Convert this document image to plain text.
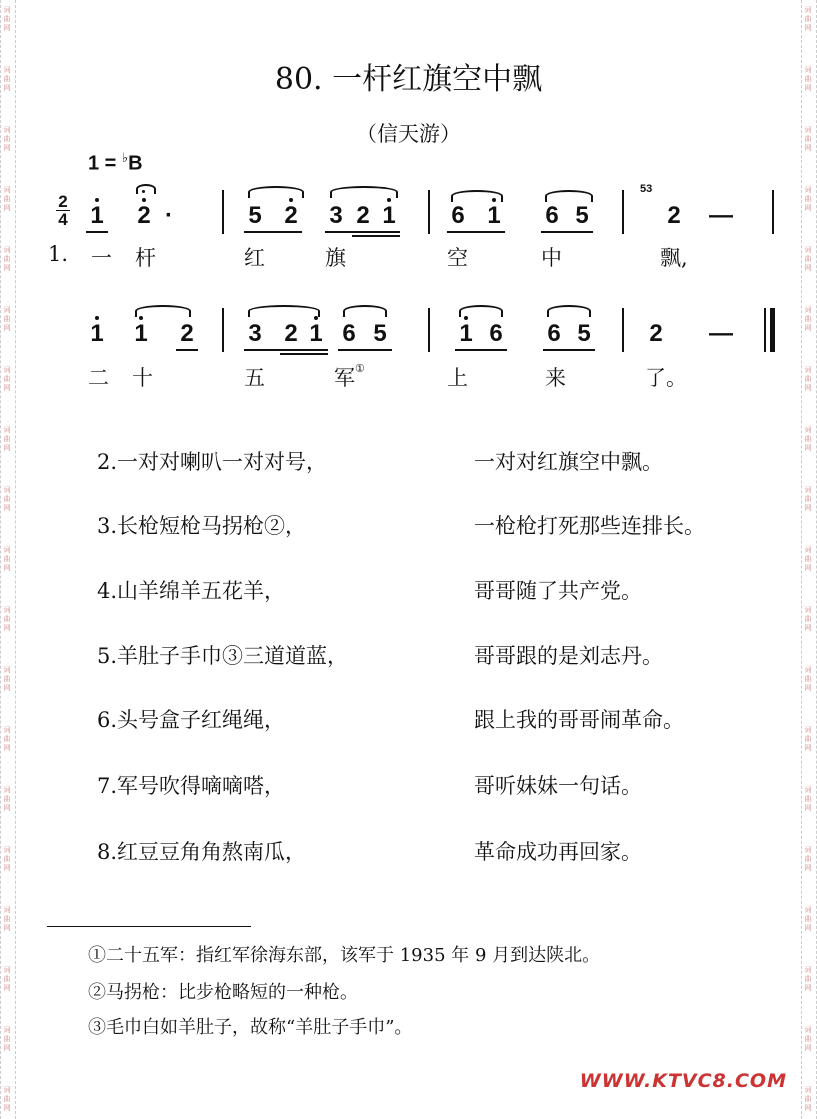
词
曲
网
词
曲
网
词
曲
网
词
曲
网
词
曲
网
词
曲
网
词
曲
网
词
曲
网
词
曲
网
词
曲
网
词
曲
网
词
曲
网
词
曲
网
词
曲
网
词
曲
网
词
曲
网
词
曲
网
词
曲
网
词
曲
网
词
曲
网
词
曲
网
词
曲
网
词
曲
网
词
曲
网
词
曲
网
词
曲
网
词
曲
网
词
曲
网
词
曲
网
词
曲
网
词
曲
网
词
曲
网
词
曲
网
词
曲
网
词
曲
网
词
曲
网
词
曲
网
词
曲
网
80. 一杆红旗空中飘
（信天游）
1 = ♭B
2
4 1 2 ·	5 2 3 2 1 6 1 6 5	2 —
53
1. 一 杆	红	旗	空	中	飘,
1 1 2 3 2 1 6 5	1 6 6 5 2 —
二 十	五	军①	上	来	了。
2.一对对喇叭一对对号，	一对对红旗空中飘。
3.长枪短枪马拐枪②，	一枪枪打死那些连排长。
4.山羊绵羊五花羊，	哥哥随了共产党。
5.羊肚子手巾③三道道蓝，	哥哥跟的是刘志丹。
6.头号盒子红绳绳，	跟上我的哥哥闹革命。
7.军号吹得嘀嘀嗒，	哥听妹妹一句话。
8.红豆豆角角熬南瓜，	革命成功再回家。
①二十五军：指红军徐海东部，该军于 1935 年 9 月到达陕北。
②马拐枪：比步枪略短的一种枪。
③毛巾白如羊肚子，故称“羊肚子手巾”。
WWW.KTVC8.COM
